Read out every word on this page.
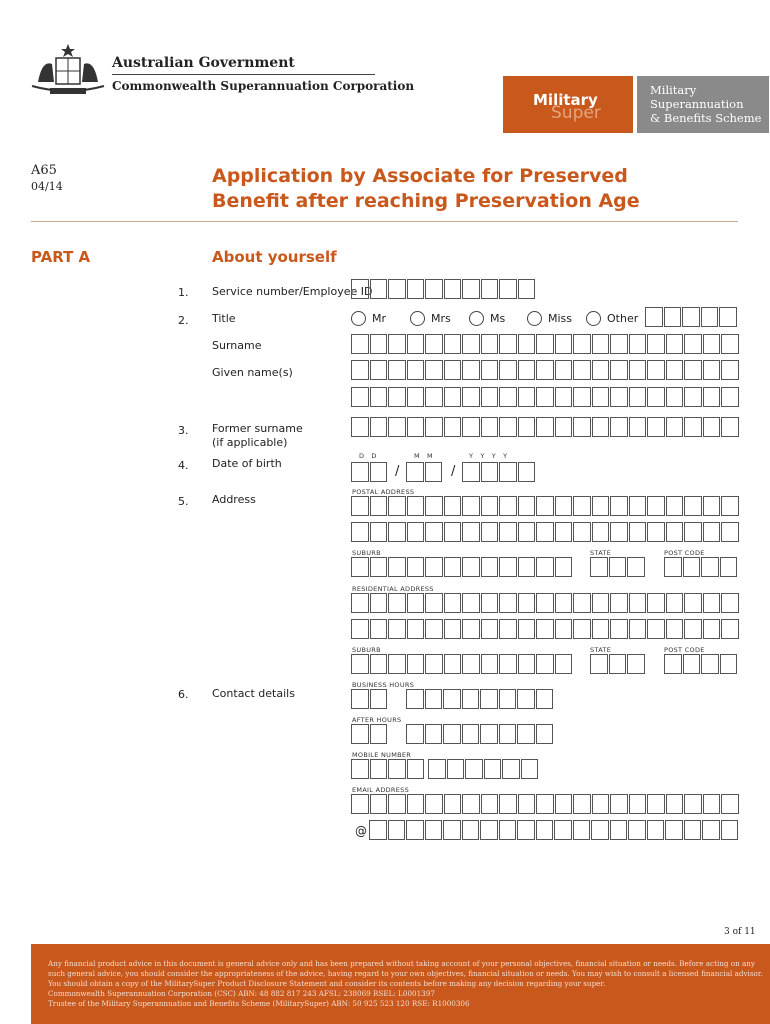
Australian Government
Commonwealth Superannuation Corporation
Military
Super
Military
Superannuation
& Benefits Scheme
A65
04/14	Application by Associate for Preserved
Benefit after reaching Preservation Age
PART A	About yourself
1. Service number/Employee ID
2. Title	Mr	Mrs	Ms	Miss	Other
Surname
Given name(s)
3. Former surname
(if applicable)
4. Date of birth
D   D	M   M	Y   Y   Y   Y
/	/
5. Address
POSTAL ADDRESS
SUBURB	STATE	POST CODE
RESIDENTIAL ADDRESS
SUBURB	STATE	POST CODE
6. Contact details
BUSINESS HOURS
AFTER HOURS
MOBILE NUMBER
EMAIL ADDRESS
@
3 of 11
Any financial product advice in this document is general advice only and has been prepared without taking account of your personal objectives, financial situation or needs. Before acting on any
such general advice, you should consider the appropriateness of the advice, having regard to your own objectives, financial situation or needs. You may wish to consult a licensed financial advisor.
You should obtain a copy of the MilitarySuper Product Disclosure Statement and consider its contents before making any decision regarding your super.
Commonwealth Superannuation Corporation (CSC) ABN: 48 882 817 243 AFSL: 238069 RSEL: L0001397
Trustee of the Military Superannuation and Benefits Scheme (MilitarySuper) ABN: 50 925 523 120 RSE: R1000306
